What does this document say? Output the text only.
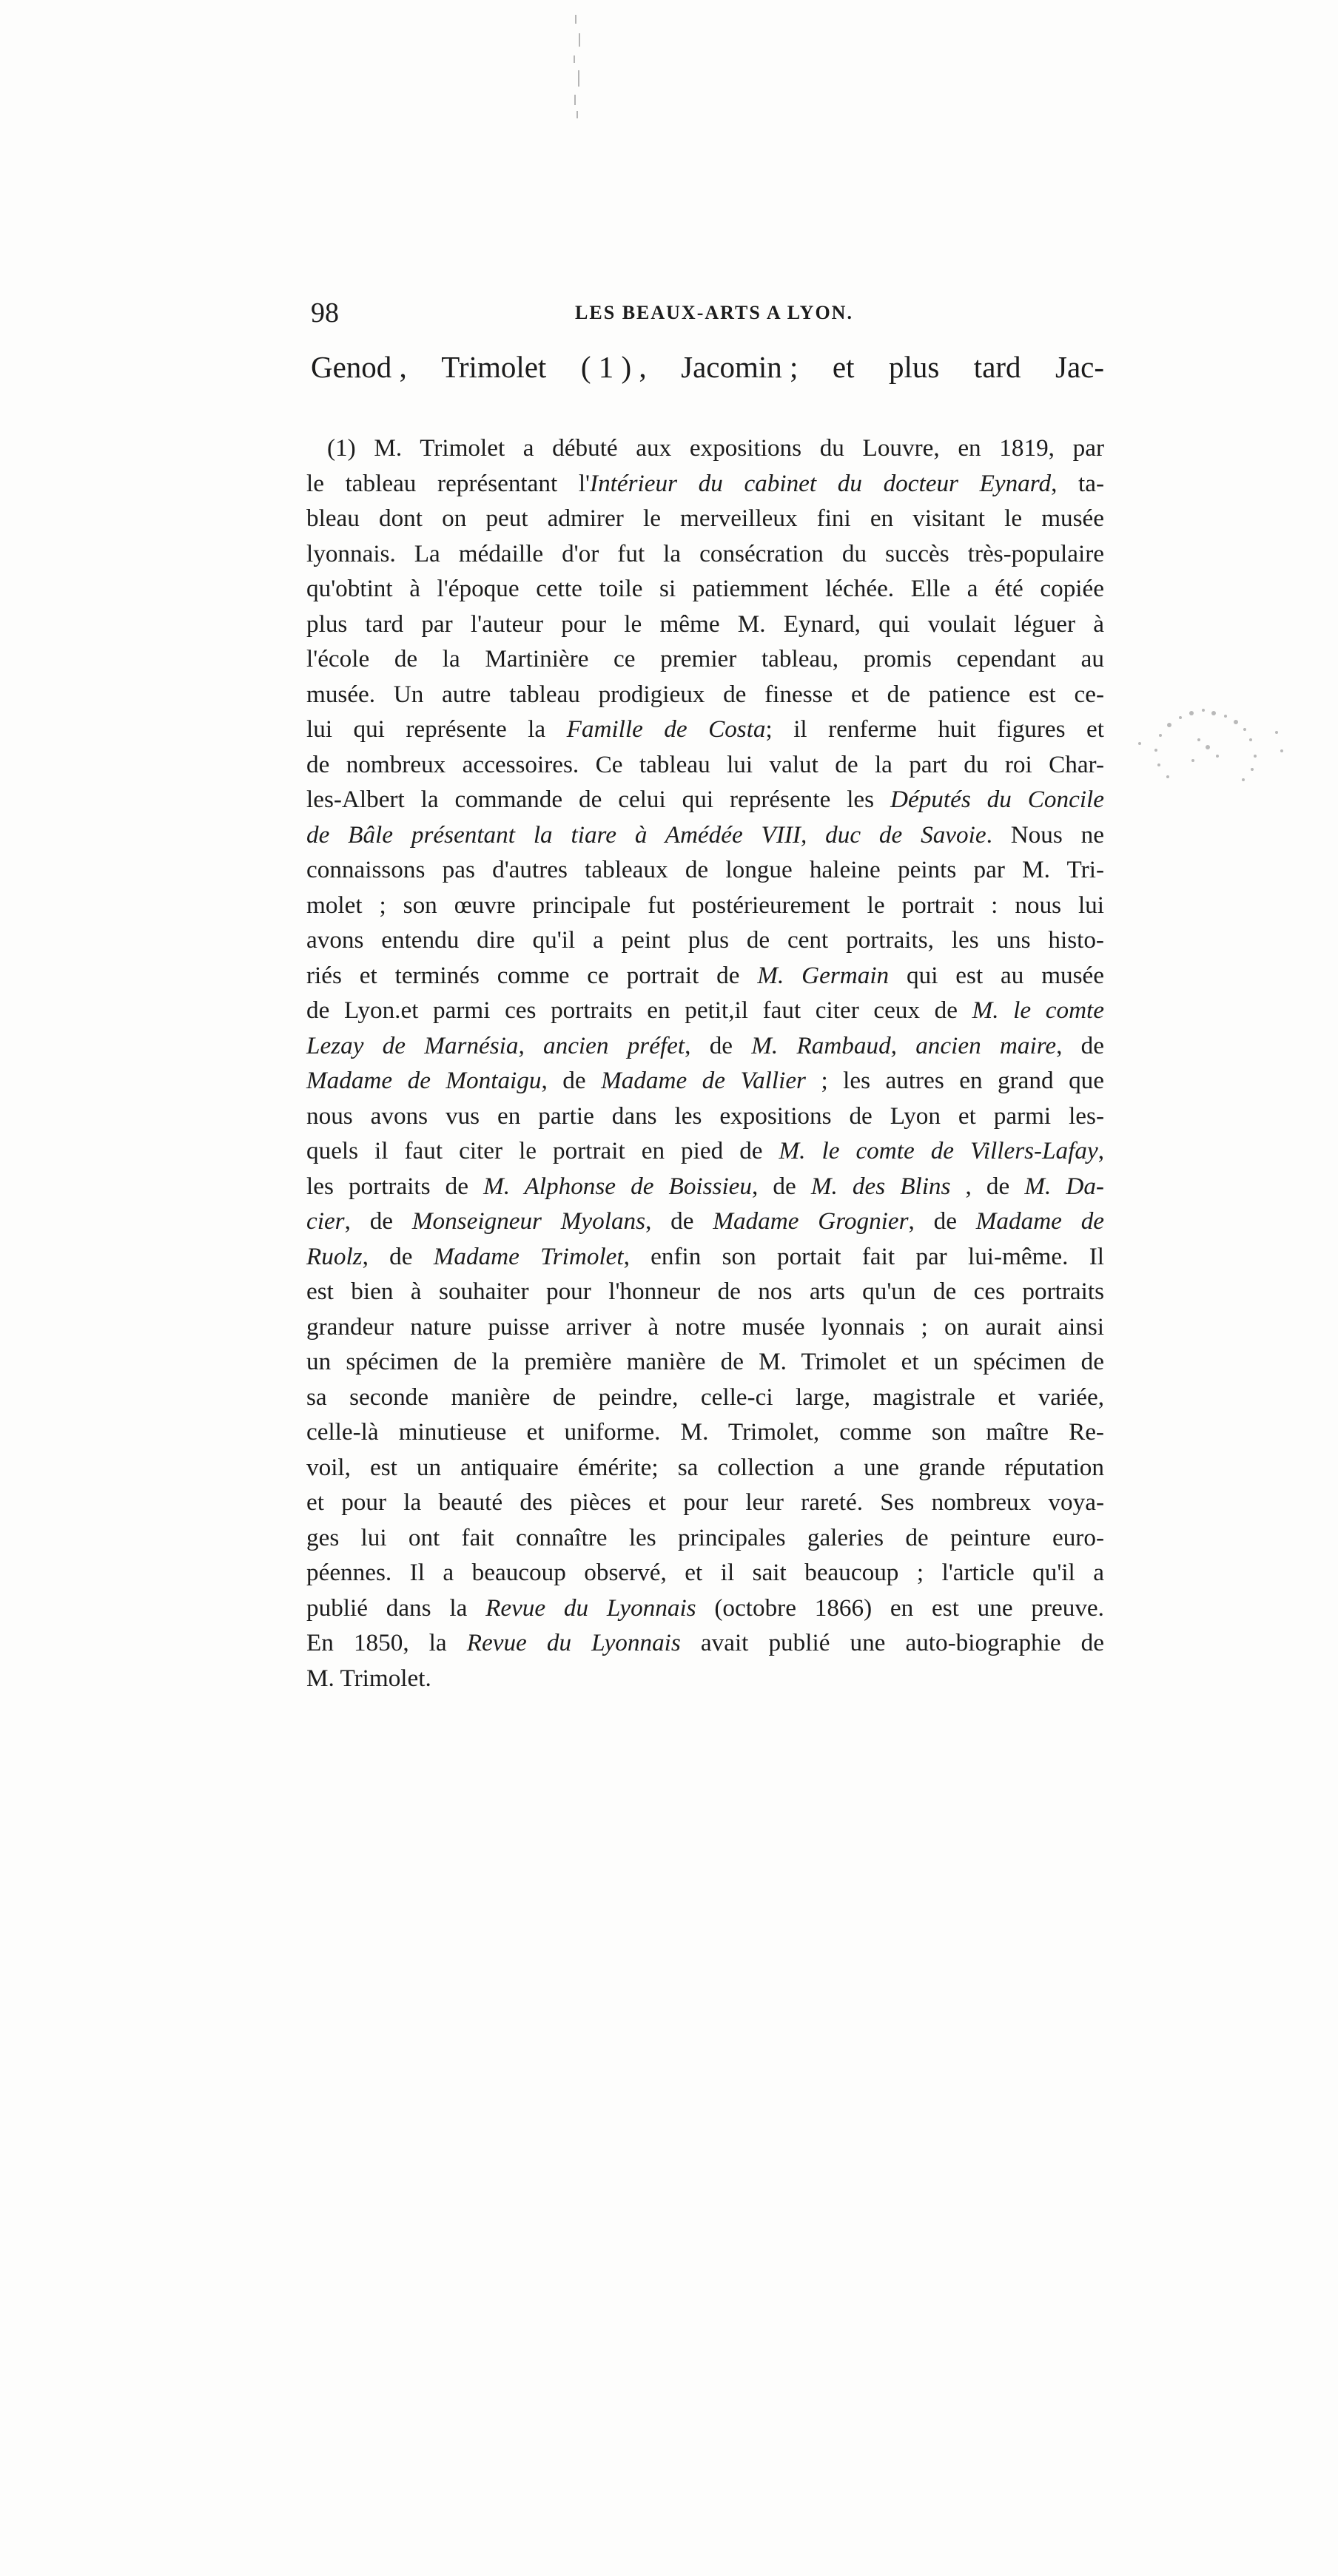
98	LES BEAUX-ARTS A LYON.
Genod , Trimolet ( 1 ) , Jacomin ; et plus tard Jac-
(1) M. Trimolet a débuté aux expositions du Louvre, en 1819, par
le tableau représentant l'Intérieur du cabinet du docteur Eynard, ta-
bleau dont on peut admirer le merveilleux fini en visitant le musée
lyonnais. La médaille d'or fut la consécration du succès très-populaire
qu'obtint à l'époque cette toile si patiemment léchée. Elle a été copiée
plus tard par l'auteur pour le même M. Eynard, qui voulait léguer à
l'école de la Martinière ce premier tableau, promis cependant au
musée. Un autre tableau prodigieux de finesse et de patience est ce-
lui qui représente la Famille de Costa; il renferme huit figures et
de nombreux accessoires. Ce tableau lui valut de la part du roi Char-
les-Albert la commande de celui qui représente les Députés du Concile
de Bâle présentant la tiare à Amédée VIII, duc de Savoie. Nous ne
connaissons pas d'autres tableaux de longue haleine peints par M. Tri-
molet ; son œuvre principale fut postérieurement le portrait : nous lui
avons entendu dire qu'il a peint plus de cent portraits, les uns histo-
riés et terminés comme ce portrait de M. Germain qui est au musée
de Lyon.et parmi ces portraits en petit,il faut citer ceux de M. le comte
Lezay de Marnésia, ancien préfet, de M. Rambaud, ancien maire, de
Madame de Montaigu, de Madame de Vallier ; les autres en grand que
nous avons vus en partie dans les expositions de Lyon et parmi les-
quels il faut citer le portrait en pied de M. le comte de Villers-Lafay,
les portraits de M. Alphonse de Boissieu, de M. des Blins , de M. Da-
cier, de Monseigneur Myolans, de Madame Grognier, de Madame de
Ruolz, de Madame Trimolet, enfin son portait fait par lui-même. Il
est bien à souhaiter pour l'honneur de nos arts qu'un de ces portraits
grandeur nature puisse arriver à notre musée lyonnais ; on aurait ainsi
un spécimen de la première manière de M. Trimolet et un spécimen de
sa seconde manière de peindre, celle-ci large, magistrale et variée,
celle-là minutieuse et uniforme. M. Trimolet, comme son maître Re-
voil, est un antiquaire émérite; sa collection a une grande réputation
et pour la beauté des pièces et pour leur rareté. Ses nombreux voya-
ges lui ont fait connaître les principales galeries de peinture euro-
péennes. Il a beaucoup observé, et il sait beaucoup ; l'article qu'il a
publié dans la Revue du Lyonnais (octobre 1866) en est une preuve.
En 1850, la Revue du Lyonnais avait publié une auto-biographie de
M. Trimolet.
